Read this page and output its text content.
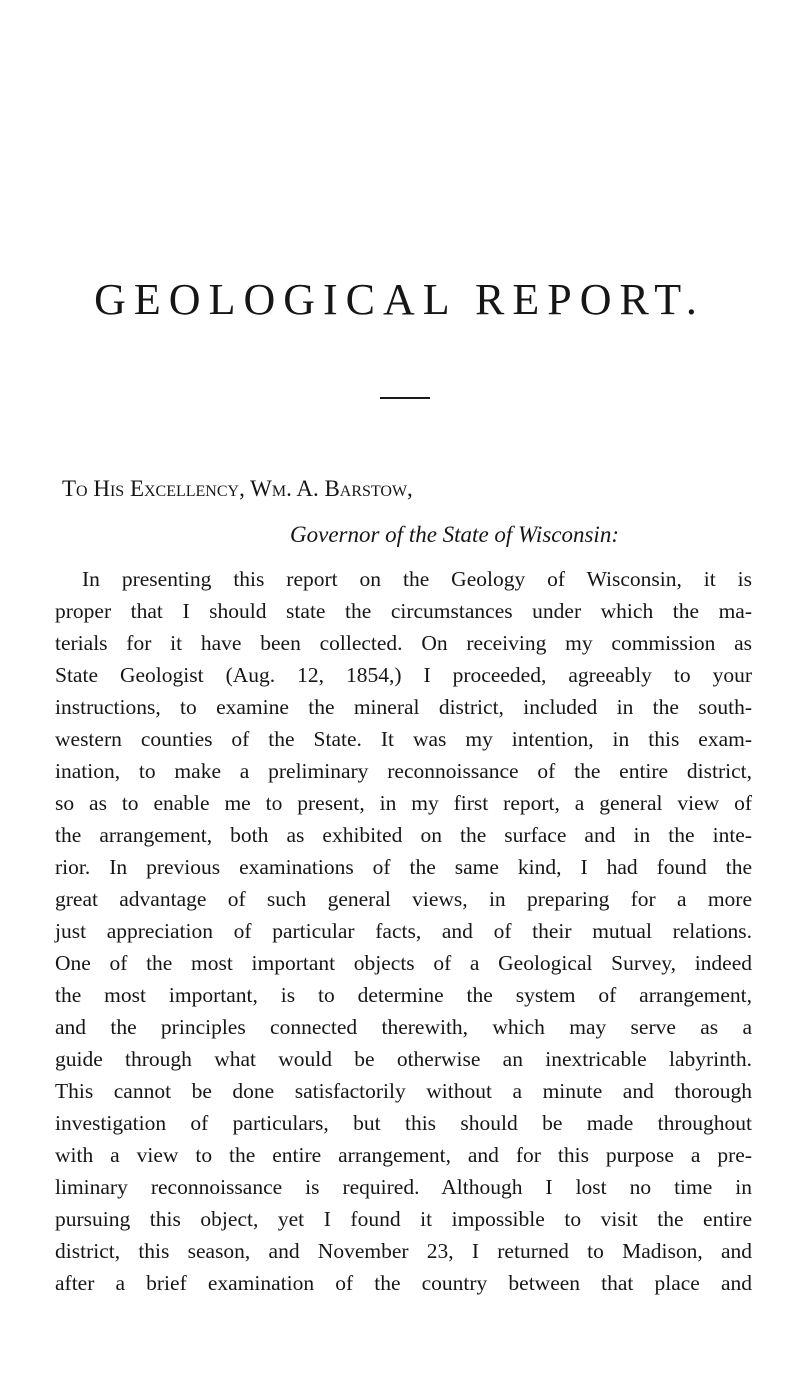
GEOLOGICAL REPORT.

To His Excellency, Wm. A. Barstow,

Governor of the State of Wisconsin:

In presenting this report on the Geology of Wisconsin, it is
proper that I should state the circumstances under which the ma-
terials for it have been collected. On receiving my commission as
State Geologist (Aug. 12, 1854,) I proceeded, agreeably to your
instructions, to examine the mineral district, included in the south-
western counties of the State. It was my intention, in this exam-
ination, to make a preliminary reconnoissance of the entire district,
so as to enable me to present, in my first report, a general view of
the arrangement, both as exhibited on the surface and in the inte-
rior. In previous examinations of the same kind, I had found the
great advantage of such general views, in preparing for a more
just appreciation of particular facts, and of their mutual relations.
One of the most important objects of a Geological Survey, indeed
the most important, is to determine the system of arrangement,
and the principles connected therewith, which may serve as a
guide through what would be otherwise an inextricable labyrinth.
This cannot be done satisfactorily without a minute and thorough
investigation of particulars, but this should be made throughout
with a view to the entire arrangement, and for this purpose a pre-
liminary reconnoissance is required. Although I lost no time in
pursuing this object, yet I found it impossible to visit the entire
district, this season, and November 23, I returned to Madison, and
after a brief examination of the country between that place and
